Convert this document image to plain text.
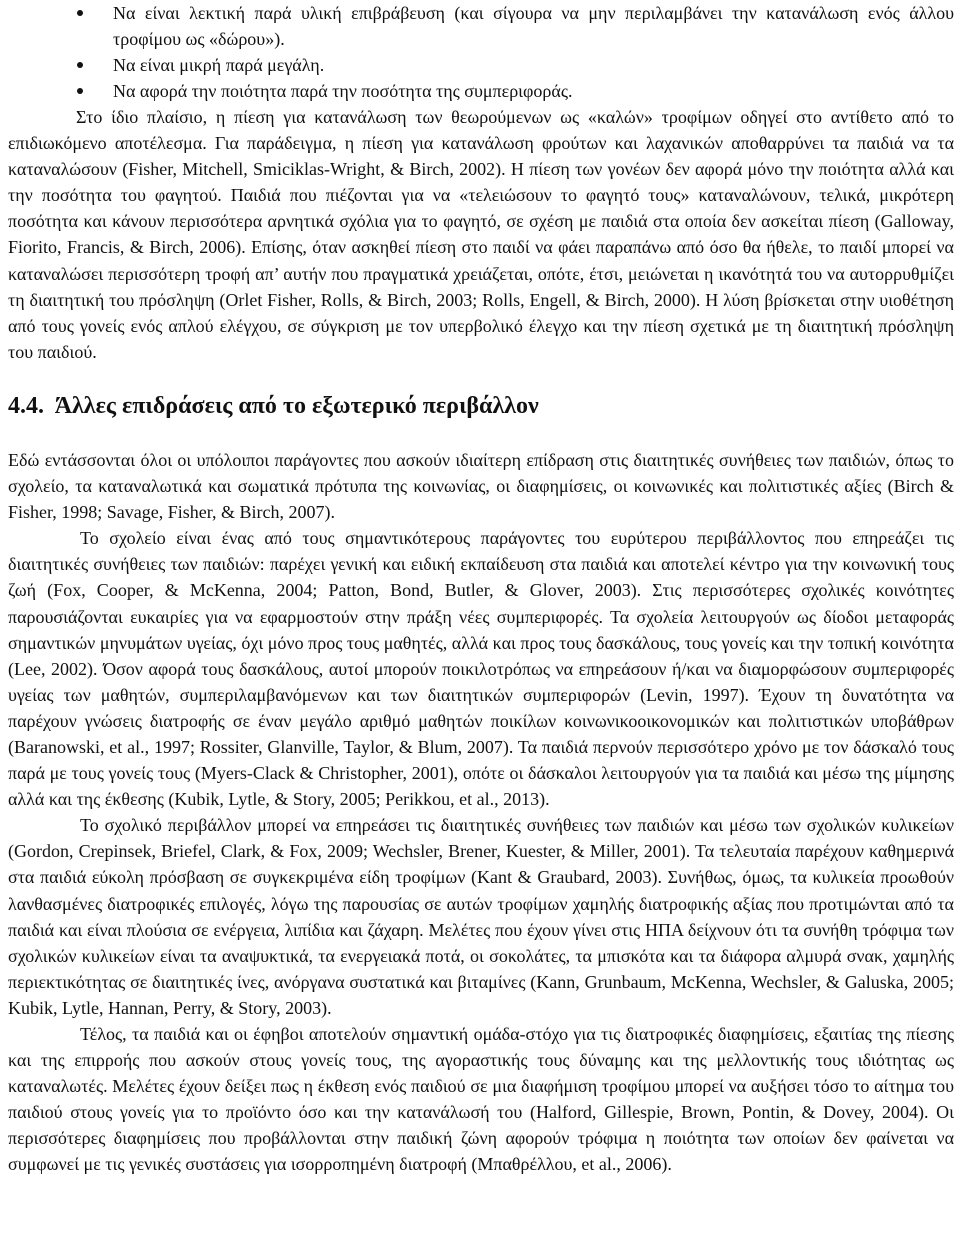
Να είναι λεκτική παρά υλική επιβράβευση (και σίγουρα να μην περιλαμβάνει την κατανάλωση ενός άλλου τροφίμου ως «δώρου»).
Να είναι μικρή παρά μεγάλη.
Να αφορά την ποιότητα παρά την ποσότητα της συμπεριφοράς.

Στο ίδιο πλαίσιο, η πίεση για κατανάλωση των θεωρούμενων ως «καλών» τροφίμων οδηγεί στο αντίθετο από το επιδιωκόμενο αποτέλεσμα. Για παράδειγμα, η πίεση για κατανάλωση φρούτων και λαχανικών αποθαρρύνει τα παιδιά να τα καταναλώσουν (Fisher, Mitchell, Smiciklas-Wright, & Birch, 2002). Η πίεση των γονέων δεν αφορά μόνο την ποιότητα αλλά και την ποσότητα του φαγητού. Παιδιά που πιέζονται για να «τελειώσουν το φαγητό τους» καταναλώνουν, τελικά, μικρότερη ποσότητα και κάνουν περισσότερα αρνητικά σχόλια για το φαγητό, σε σχέση με παιδιά στα οποία δεν ασκείται πίεση (Galloway, Fiorito, Francis, & Birch, 2006). Επίσης, όταν ασκηθεί πίεση στο παιδί να φάει παραπάνω από όσο θα ήθελε, το παιδί μπορεί να καταναλώσει περισσότερη τροφή απ’ αυτήν που πραγματικά χρειάζεται, οπότε, έτσι, μειώνεται η ικανότητά του να αυτορρυθμίζει τη διαιτητική του πρόσληψη (Orlet Fisher, Rolls, & Birch, 2003; Rolls, Engell, & Birch, 2000). Η λύση βρίσκεται στην υιοθέτηση από τους γονείς ενός απλού ελέγχου, σε σύγκριση με τον υπερβολικό έλεγχο και την πίεση σχετικά με τη διαιτητική πρόσληψη του παιδιού.

4.4. Άλλες επιδράσεις από το εξωτερικό περιβάλλον

Εδώ εντάσσονται όλοι οι υπόλοιποι παράγοντες που ασκούν ιδιαίτερη επίδραση στις διαιτητικές συνήθειες των παιδιών, όπως το σχολείο, τα καταναλωτικά και σωματικά πρότυπα της κοινωνίας, οι διαφημίσεις, οι κοινωνικές και πολιτιστικές αξίες (Birch & Fisher, 1998; Savage, Fisher, & Birch, 2007).

Το σχολείο είναι ένας από τους σημαντικότερους παράγοντες του ευρύτερου περιβάλλοντος που επηρεάζει τις διαιτητικές συνήθειες των παιδιών: παρέχει γενική και ειδική εκπαίδευση στα παιδιά και αποτελεί κέντρο για την κοινωνική τους ζωή (Fox, Cooper, & McKenna, 2004; Patton, Bond, Butler, & Glover, 2003). Στις περισσότερες σχολικές κοινότητες παρουσιάζονται ευκαιρίες για να εφαρμοστούν στην πράξη νέες συμπεριφορές. Τα σχολεία λειτουργούν ως δίοδοι μεταφοράς σημαντικών μηνυμάτων υγείας, όχι μόνο προς τους μαθητές, αλλά και προς τους δασκάλους, τους γονείς και την τοπική κοινότητα (Lee, 2002). Όσον αφορά τους δασκάλους, αυτοί μπορούν ποικιλοτρόπως να επηρεάσουν ή/και να διαμορφώσουν συμπεριφορές υγείας των μαθητών, συμπεριλαμβανόμενων και των διαιτητικών συμπεριφορών (Levin, 1997). Έχουν τη δυνατότητα να παρέχουν γνώσεις διατροφής σε έναν μεγάλο αριθμό μαθητών ποικίλων κοινωνικοοικονομικών και πολιτιστικών υποβάθρων (Baranowski, et al., 1997; Rossiter, Glanville, Taylor, & Blum, 2007). Τα παιδιά περνούν περισσότερο χρόνο με τον δάσκαλό τους παρά με τους γονείς τους (Myers-Clack & Christopher, 2001), οπότε οι δάσκαλοι λειτουργούν για τα παιδιά και μέσω της μίμησης αλλά και της έκθεσης (Kubik, Lytle, & Story, 2005; Perikkou, et al., 2013).

Το σχολικό περιβάλλον μπορεί να επηρεάσει τις διαιτητικές συνήθειες των παιδιών και μέσω των σχολικών κυλικείων (Gordon, Crepinsek, Briefel, Clark, & Fox, 2009; Wechsler, Brener, Kuester, & Miller, 2001). Τα τελευταία παρέχουν καθημερινά στα παιδιά εύκολη πρόσβαση σε συγκεκριμένα είδη τροφίμων (Kant & Graubard, 2003). Συνήθως, όμως, τα κυλικεία προωθούν λανθασμένες διατροφικές επιλογές, λόγω της παρουσίας σε αυτών τροφίμων χαμηλής διατροφικής αξίας που προτιμώνται από τα παιδιά και είναι πλούσια σε ενέργεια, λιπίδια και ζάχαρη. Μελέτες που έχουν γίνει στις ΗΠΑ δείχνουν ότι τα συνήθη τρόφιμα των σχολικών κυλικείων είναι τα αναψυκτικά, τα ενεργειακά ποτά, οι σοκολάτες, τα μπισκότα και τα διάφορα αλμυρά σνακ, χαμηλής περιεκτικότητας σε διαιτητικές ίνες, ανόργανα συστατικά και βιταμίνες (Kann, Grunbaum, McKenna, Wechsler, & Galuska, 2005; Kubik, Lytle, Hannan, Perry, & Story, 2003).

Τέλος, τα παιδιά και οι έφηβοι αποτελούν σημαντική ομάδα-στόχο για τις διατροφικές διαφημίσεις, εξαιτίας της πίεσης και της επιρροής που ασκούν στους γονείς τους, της αγοραστικής τους δύναμης και της μελλοντικής τους ιδιότητας ως καταναλωτές. Μελέτες έχουν δείξει πως η έκθεση ενός παιδιού σε μια διαφήμιση τροφίμου μπορεί να αυξήσει τόσο το αίτημα του παιδιού στους γονείς για το προϊόντο όσο και την κατανάλωσή του (Halford, Gillespie, Brown, Pontin, & Dovey, 2004). Οι περισσότερες διαφημίσεις που προβάλλονται στην παιδική ζώνη αφορούν τρόφιμα η ποιότητα των οποίων δεν φαίνεται να συμφωνεί με τις γενικές συστάσεις για ισορροπημένη διατροφή (Μπαθρέλλου, et al., 2006).
